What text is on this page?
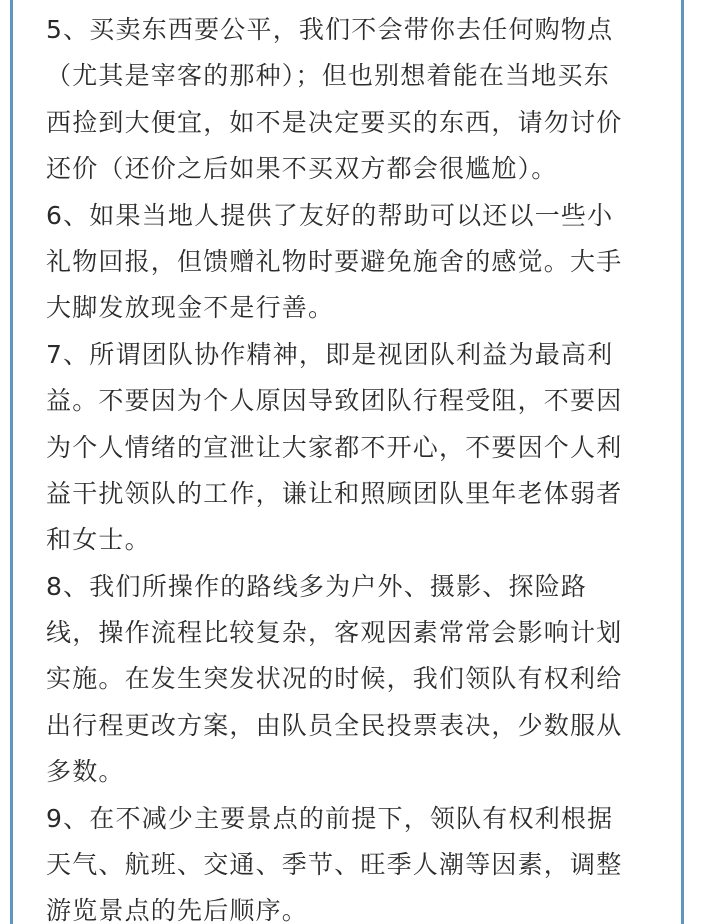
5、买卖东西要公平，我们不会带你去任何购物点
（尤其是宰客的那种）；但也别想着能在当地买东
西捡到大便宜，如不是决定要买的东西，请勿讨价
还价（还价之后如果不买双方都会很尴尬）。
6、如果当地人提供了友好的帮助可以还以一些小
礼物回报，但馈赠礼物时要避免施舍的感觉。大手
大脚发放现金不是行善。
7、所谓团队协作精神，即是视团队利益为最高利
益。不要因为个人原因导致团队行程受阻，不要因
为个人情绪的宣泄让大家都不开心，不要因个人利
益干扰领队的工作，谦让和照顾团队里年老体弱者
和女士。
8、我们所操作的路线多为户外、摄影、探险路
线，操作流程比较复杂，客观因素常常会影响计划
实施。在发生突发状况的时候，我们领队有权利给
出行程更改方案，由队员全民投票表决，少数服从
多数。
9、在不减少主要景点的前提下，领队有权利根据
天气、航班、交通、季节、旺季人潮等因素，调整
游览景点的先后顺序。
